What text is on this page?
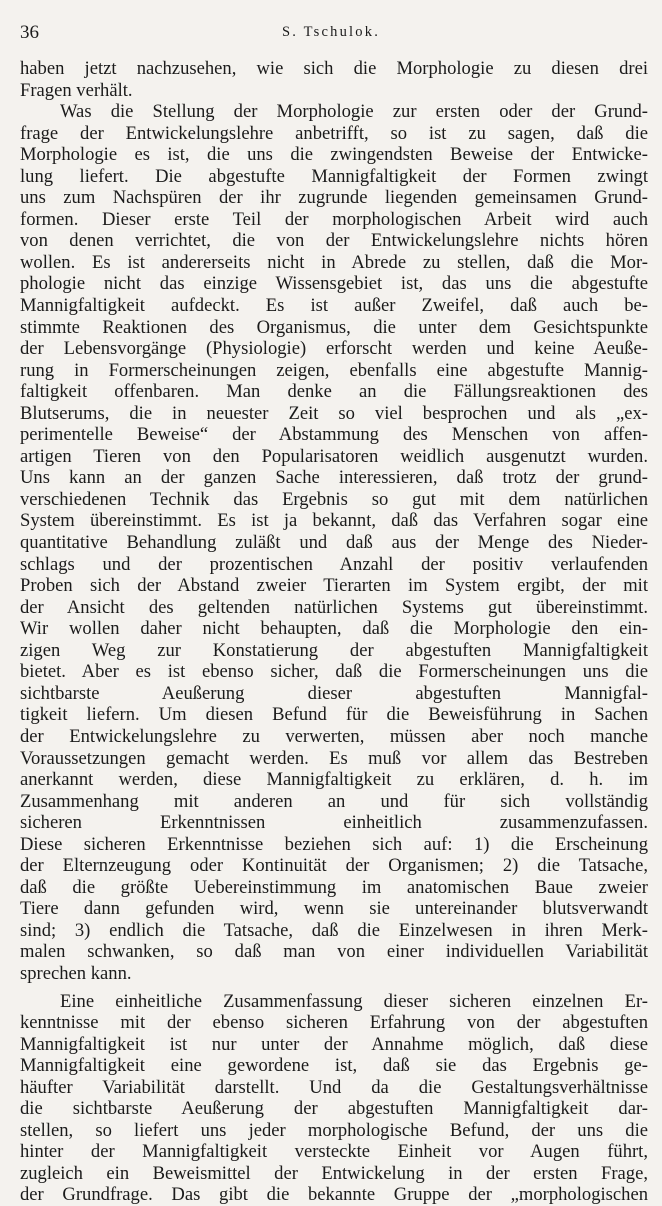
36	S. Tschulok.
haben jetzt nachzusehen, wie sich die Morphologie zu diesen drei
Fragen verhält.
Was die Stellung der Morphologie zur ersten oder der Grund-
frage der Entwickelungslehre anbetrifft, so ist zu sagen, daß die
Morphologie es ist, die uns die zwingendsten Beweise der Entwicke-
lung liefert. Die abgestufte Mannigfaltigkeit der Formen zwingt
uns zum Nachspüren der ihr zugrunde liegenden gemeinsamen Grund-
formen. Dieser erste Teil der morphologischen Arbeit wird auch
von denen verrichtet, die von der Entwickelungslehre nichts hören
wollen. Es ist andererseits nicht in Abrede zu stellen, daß die Mor-
phologie nicht das einzige Wissensgebiet ist, das uns die abgestufte
Mannigfaltigkeit aufdeckt. Es ist außer Zweifel, daß auch be-
stimmte Reaktionen des Organismus, die unter dem Gesichtspunkte
der Lebensvorgänge (Physiologie) erforscht werden und keine Aeuße-
rung in Formerscheinungen zeigen, ebenfalls eine abgestufte Mannig-
faltigkeit offenbaren. Man denke an die Fällungsreaktionen des
Blutserums, die in neuester Zeit so viel besprochen und als „ex-
perimentelle Beweise“ der Abstammung des Menschen von affen-
artigen Tieren von den Popularisatoren weidlich ausgenutzt wurden.
Uns kann an der ganzen Sache interessieren, daß trotz der grund-
verschiedenen Technik das Ergebnis so gut mit dem natürlichen
System übereinstimmt. Es ist ja bekannt, daß das Verfahren sogar eine
quantitative Behandlung zuläßt und daß aus der Menge des Nieder-
schlags und der prozentischen Anzahl der positiv verlaufenden
Proben sich der Abstand zweier Tierarten im System ergibt, der mit
der Ansicht des geltenden natürlichen Systems gut übereinstimmt.
Wir wollen daher nicht behaupten, daß die Morphologie den ein-
zigen Weg zur Konstatierung der abgestuften Mannigfaltigkeit
bietet. Aber es ist ebenso sicher, daß die Formerscheinungen uns die
sichtbarste Aeußerung dieser abgestuften Mannigfal-
tigkeit liefern. Um diesen Befund für die Beweisführung in Sachen
der Entwickelungslehre zu verwerten, müssen aber noch manche
Voraussetzungen gemacht werden. Es muß vor allem das Bestreben
anerkannt werden, diese Mannigfaltigkeit zu erklären, d. h. im
Zusammenhang mit anderen an und für sich vollständig
sicheren Erkenntnissen einheitlich zusammenzufassen.
Diese sicheren Erkenntnisse beziehen sich auf: 1) die Erscheinung
der Elternzeugung oder Kontinuität der Organismen; 2) die Tatsache,
daß die größte Uebereinstimmung im anatomischen Baue zweier
Tiere dann gefunden wird, wenn sie untereinander blutsverwandt
sind; 3) endlich die Tatsache, daß die Einzelwesen in ihren Merk-
malen schwanken, so daß man von einer individuellen Variabilität
sprechen kann.
Eine einheitliche Zusammenfassung dieser sicheren einzelnen Er-
kenntnisse mit der ebenso sicheren Erfahrung von der abgestuften
Mannigfaltigkeit ist nur unter der Annahme möglich, daß diese
Mannigfaltigkeit eine gewordene ist, daß sie das Ergebnis ge-
häufter Variabilität darstellt. Und da die Gestaltungsverhältnisse
die sichtbarste Aeußerung der abgestuften Mannigfaltigkeit dar-
stellen, so liefert uns jeder morphologische Befund, der uns die
hinter der Mannigfaltigkeit versteckte Einheit vor Augen führt,
zugleich ein Beweismittel der Entwickelung in der ersten Frage,
der Grundfrage. Das gibt die bekannte Gruppe der „morphologischen
